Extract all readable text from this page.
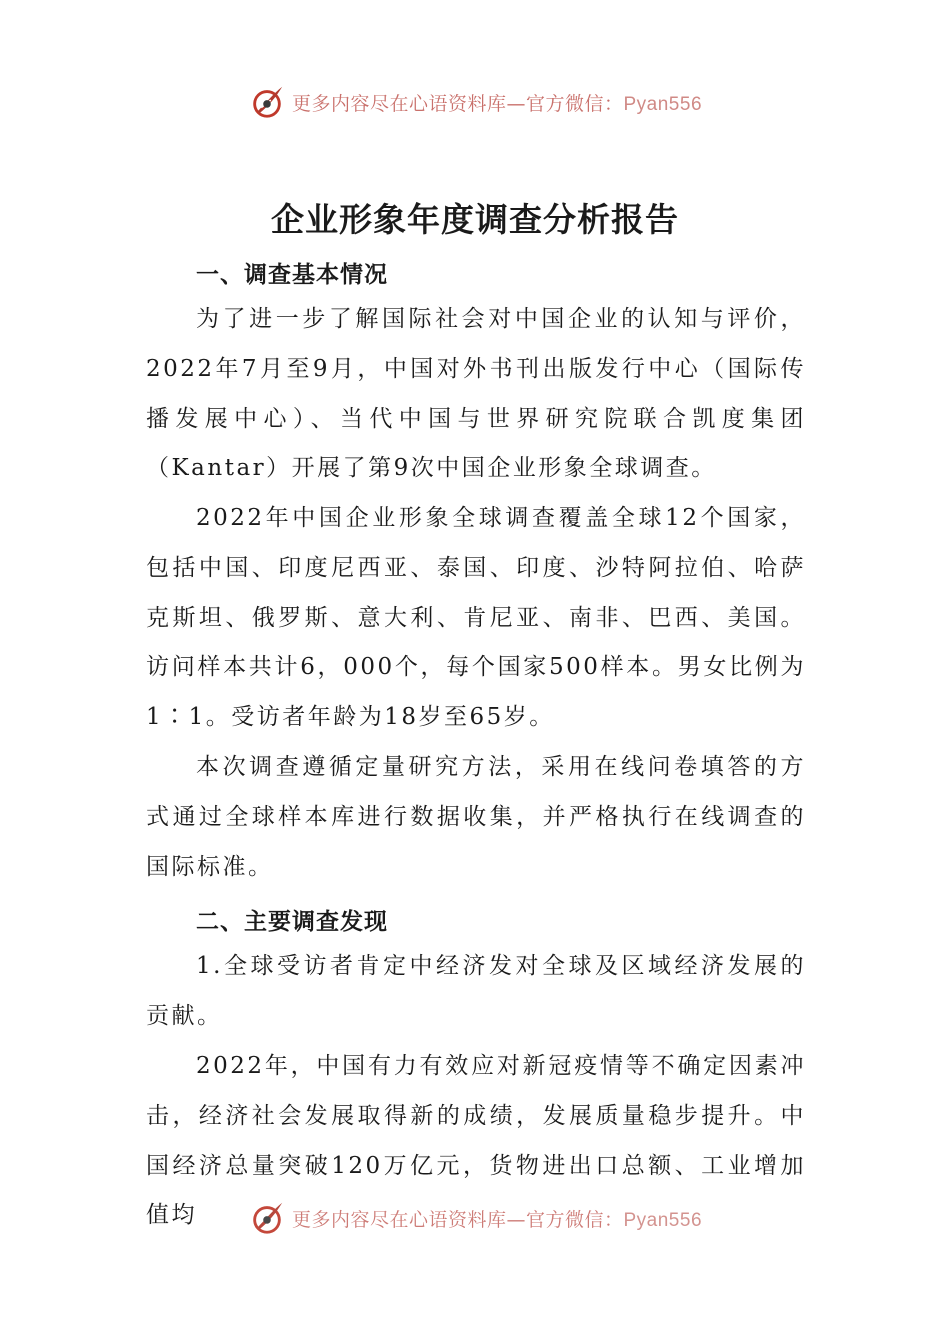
更多内容尽在心语资料库—官方微信：Pyan556
企业形象年度调查分析报告
一、调查基本情况

为了进一步了解国际社会对中国企业的认知与评价，2022年7月至9月，中国对外书刊出版发行中心（国际传播发展中心）、当代中国与世界研究院联合凯度集团（Kantar）开展了第9次中国企业形象全球调查。

2022年中国企业形象全球调查覆盖全球12个国家，包括中国、印度尼西亚、泰国、印度、沙特阿拉伯、哈萨克斯坦、俄罗斯、意大利、肯尼亚、南非、巴西、美国。访问样本共计6，000个，每个国家500样本。男女比例为1∶1。受访者年龄为18岁至65岁。

本次调查遵循定量研究方法，采用在线问卷填答的方式通过全球样本库进行数据收集，并严格执行在线调查的国际标准。

二、主要调查发现

1.全球受访者肯定中经济发对全球及区域经济发展的贡献。

2022年，中国有力有效应对新冠疫情等不确定因素冲击，经济社会发展取得新的成绩，发展质量稳步提升。中国经济总量突破120万亿元，货物进出口总额、工业增加值均	更多内容尽在心语资料库—官方微信：Pyan556
